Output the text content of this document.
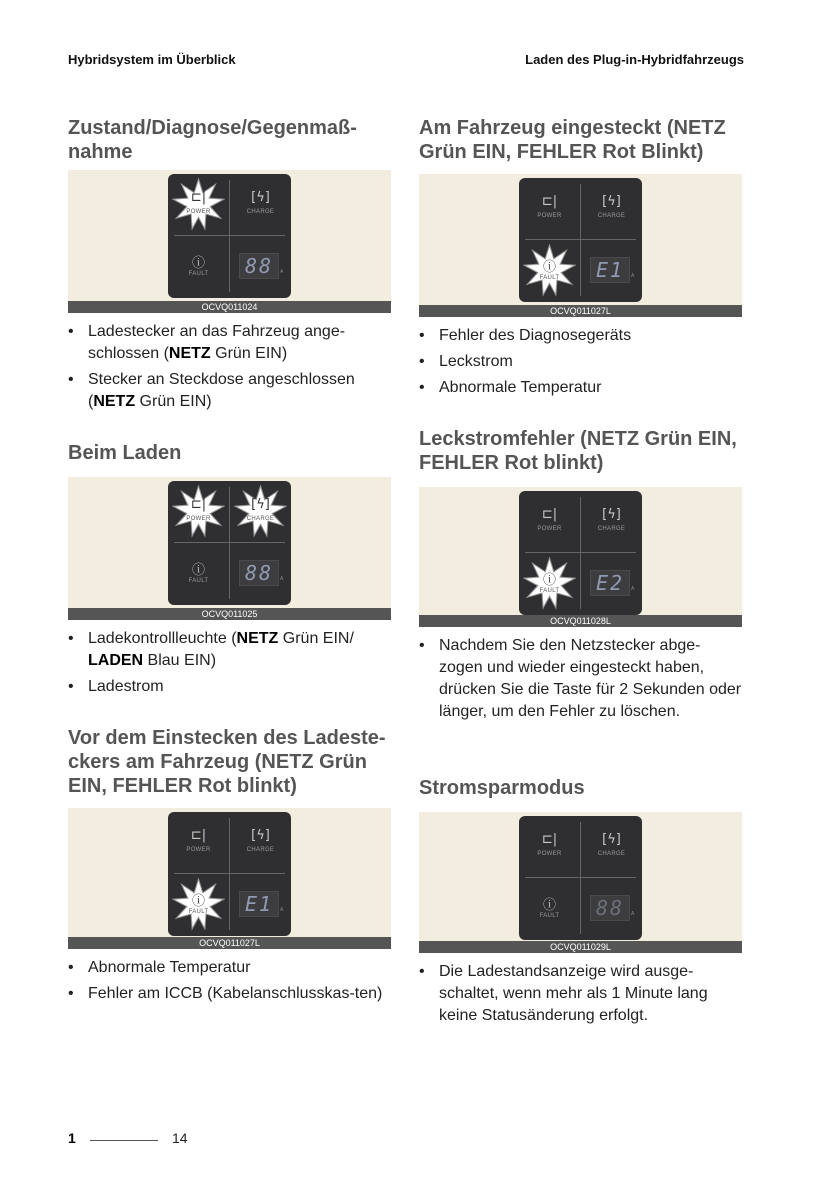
Hybridsystem im Überblick	Laden des Plug-in-Hybridfahrzeugs
Zustand/Diagnose/Gegenmaß-nahme
⊏|
POWER
[ϟ]
CHARGE
ⓘ
FAULT	88	A
OCVQ011024
• Ladestecker an das Fahrzeug ange-schlossen (NETZ Grün EIN)
• Stecker an Steckdose angeschlossen (NETZ Grün EIN)
Beim Laden
⊏|
POWER
[ϟ]
CHARGE
ⓘ
FAULT	88	A
OCVQ011025
• Ladekontrollleuchte (NETZ Grün EIN/ LADEN Blau EIN)
• Ladestrom
Vor dem Einstecken des Ladeste-ckers am Fahrzeug (NETZ Grün EIN, FEHLER Rot blinkt)
⊏|
POWER
[ϟ]
CHARGE
ⓘ
FAULT	E1	A
OCVQ011027L
• Abnormale Temperatur
• Fehler am ICCB (Kabelanschlusskas-ten)
Am Fahrzeug eingesteckt (NETZ Grün EIN, FEHLER Rot Blinkt)
⊏|
POWER
[ϟ]
CHARGE
ⓘ
FAULT	E1	A
OCVQ011027L
• Fehler des Diagnosegeräts
• Leckstrom
• Abnormale Temperatur
Leckstromfehler (NETZ Grün EIN, FEHLER Rot blinkt)
⊏|
POWER
[ϟ]
CHARGE
ⓘ
FAULT	E2	A
OCVQ011028L
• Nachdem Sie den Netzstecker abge-zogen und wieder eingesteckt haben, drücken Sie die Taste für 2 Sekunden oder länger, um den Fehler zu löschen.
Stromsparmodus
⊏|
POWER
[ϟ]
CHARGE
ⓘ
FAULT	88	A
OCVQ011029L
• Die Ladestandsanzeige wird ausge-schaltet, wenn mehr als 1 Minute lang keine Statusänderung erfolgt.
1	14
